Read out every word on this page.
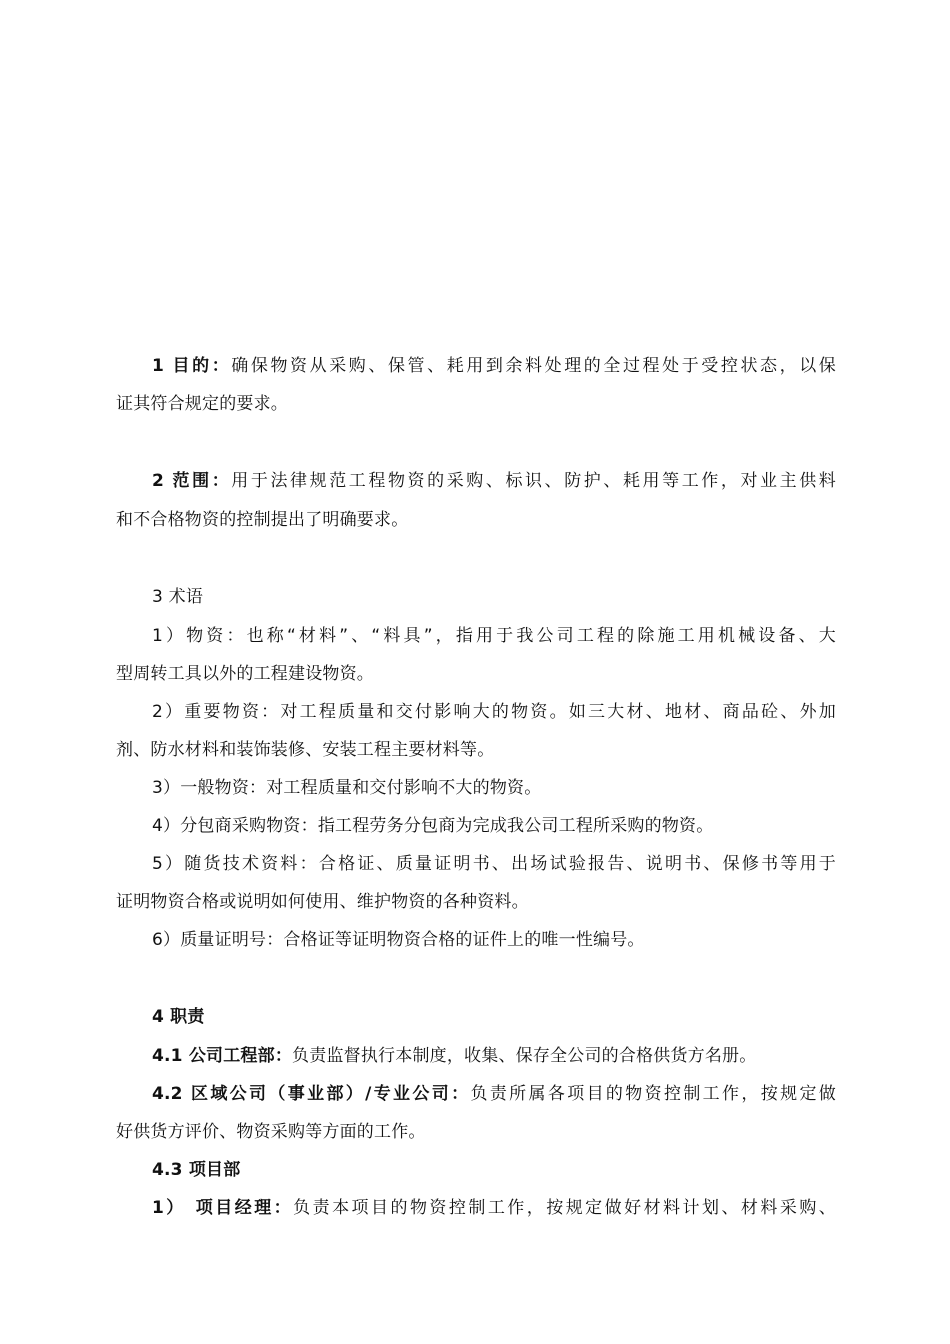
1 目的：确保物资从采购、保管、耗用到余料处理的全过程处于受控状态，以保
证其符合规定的要求。
2 范围：用于法律规范工程物资的采购、标识、防护、耗用等工作，对业主供料
和不合格物资的控制提出了明确要求。
3 术语
1）物资：也称“材料”、“料具”，指用于我公司工程的除施工用机械设备、大
型周转工具以外的工程建设物资。
2）重要物资：对工程质量和交付影响大的物资。如三大材、地材、商品砼、外加
剂、防水材料和装饰装修、安装工程主要材料等。
3）一般物资：对工程质量和交付影响不大的物资。
4）分包商采购物资：指工程劳务分包商为完成我公司工程所采购的物资。
5）随货技术资料：合格证、质量证明书、出场试验报告、说明书、保修书等用于
证明物资合格或说明如何使用、维护物资的各种资料。
6）质量证明号：合格证等证明物资合格的证件上的唯一性编号。
4 职责
4.1 公司工程部：负责监督执行本制度，收集、保存全公司的合格供货方名册。
4.2 区域公司（事业部）/专业公司：负责所属各项目的物资控制工作，按规定做
好供货方评价、物资采购等方面的工作。
4.3 项目部
1） 项目经理：负责本项目的物资控制工作，按规定做好材料计划、材料采购、
